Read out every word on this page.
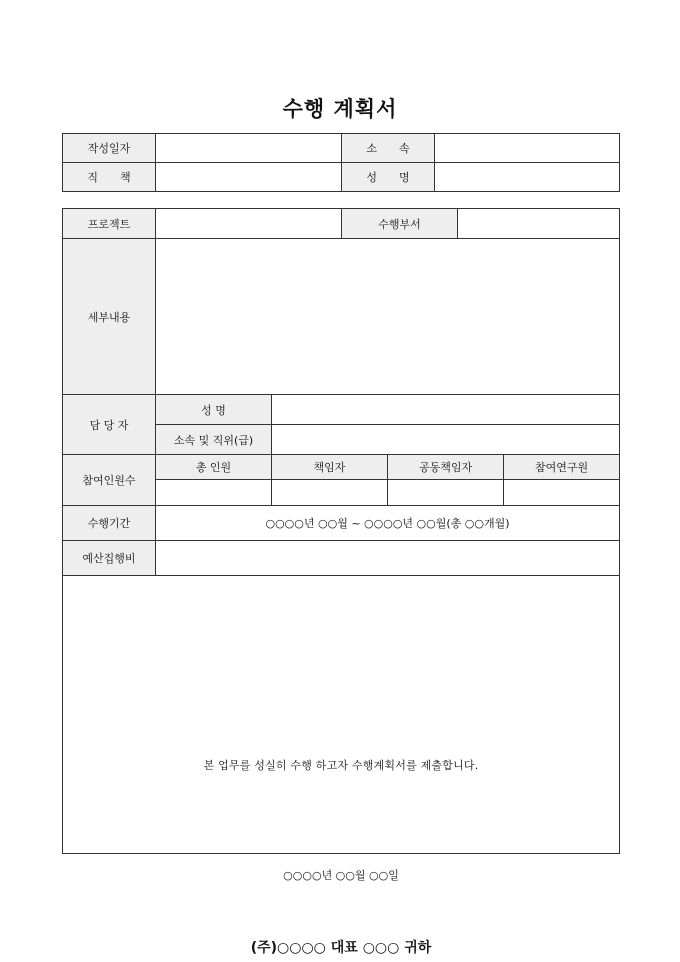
수행 계획서
작성일자		소　　속	
직　　책		성　　명	
프로젝트			수행부서			
세부내용						
담 당 자	성 명					
	소속 및 직위(급)					
참여인원수	총 인원	책임자		공동책임자		참여연구원

수행기간	○○○○년 ○○월 ~ ○○○○년 ○○월(총 ○○개월)					
예산집행비						

본 업무를 성실히 수행 하고자 수행계획서를 제출합니다.
○○○○년 ○○월 ○○일
(주)○○○○ 대표 ○○○ 귀하						
